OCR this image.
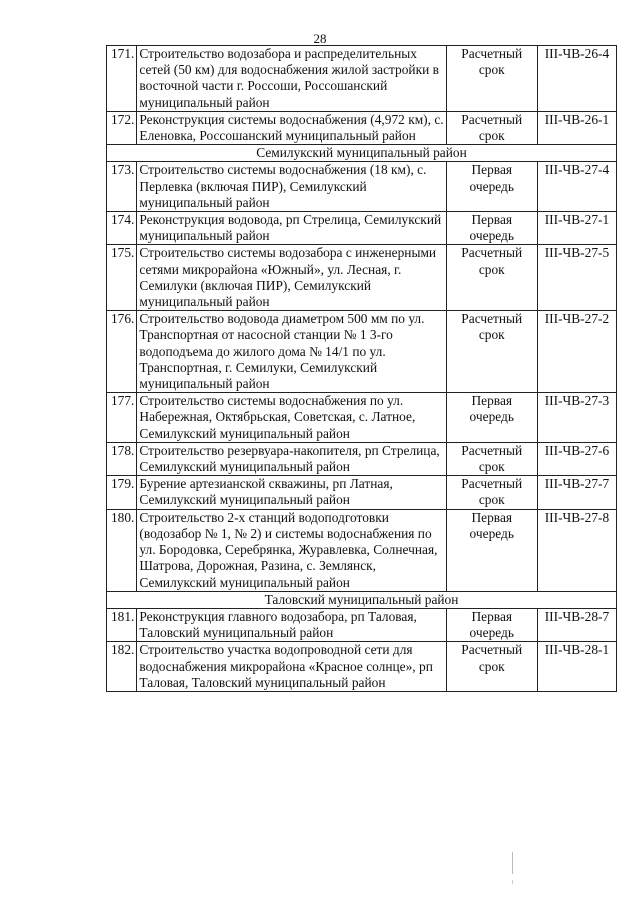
28
171.	Строительство водозабора и распределительных сетей (50 км) для водоснабжения жилой застройки в восточной части г. Россоши, Россошанский муниципальный район	Расчетный срок	III-ЧВ-26-4
172.	Реконструкция системы водоснабжения (4,972 км), с. Еленовка, Россошанский муниципальный район	Расчетный срок	III-ЧВ-26-1
Семилукский муниципальный район			
173.	Строительство системы водоснабжения (18 км), с. Перлевка (включая ПИР), Семилукский муниципальный район	Первая очередь	III-ЧВ-27-4
174.	Реконструкция водовода, рп Стрелица, Семилукский муниципальный район	Первая очередь	III-ЧВ-27-1
175.	Строительство системы водозабора с инженерными сетями микрорайона «Южный», ул. Лесная, г. Семилуки (включая ПИР), Семилукский муниципальный район	Расчетный срок	III-ЧВ-27-5
176.	Строительство водовода диаметром 500 мм по ул. Транспортная от насосной станции № 1 3-го водоподъема до жилого дома № 14/1 по ул. Транспортная, г. Семилуки, Семилукский муниципальный район	Расчетный срок	III-ЧВ-27-2
177.	Строительство системы водоснабжения по ул. Набережная, Октябрьская, Советская, с. Латное, Семилукский муниципальный район	Первая очередь	III-ЧВ-27-3
178.	Строительство резервуара-накопителя, рп Стрелица, Семилукский муниципальный район	Расчетный срок	III-ЧВ-27-6
179.	Бурение артезианской скважины, рп Латная, Семилукский муниципальный район	Расчетный срок	III-ЧВ-27-7
180.	Строительство 2-х станций водоподготовки (водозабор № 1, № 2) и системы водоснабжения по ул. Бородовка, Серебрянка, Журавлевка, Солнечная, Шатрова, Дорожная, Разина, с. Землянск, Семилукский муниципальный район	Первая очередь	III-ЧВ-27-8
Таловский муниципальный район			
181.	Реконструкция главного водозабора, рп Таловая, Таловский муниципальный район	Первая очередь	III-ЧВ-28-7
182.	Строительство участка водопроводной сети для водоснабжения микрорайона «Красное солнце», рп Таловая, Таловский муниципальный район	Расчетный срок	III-ЧВ-28-1
